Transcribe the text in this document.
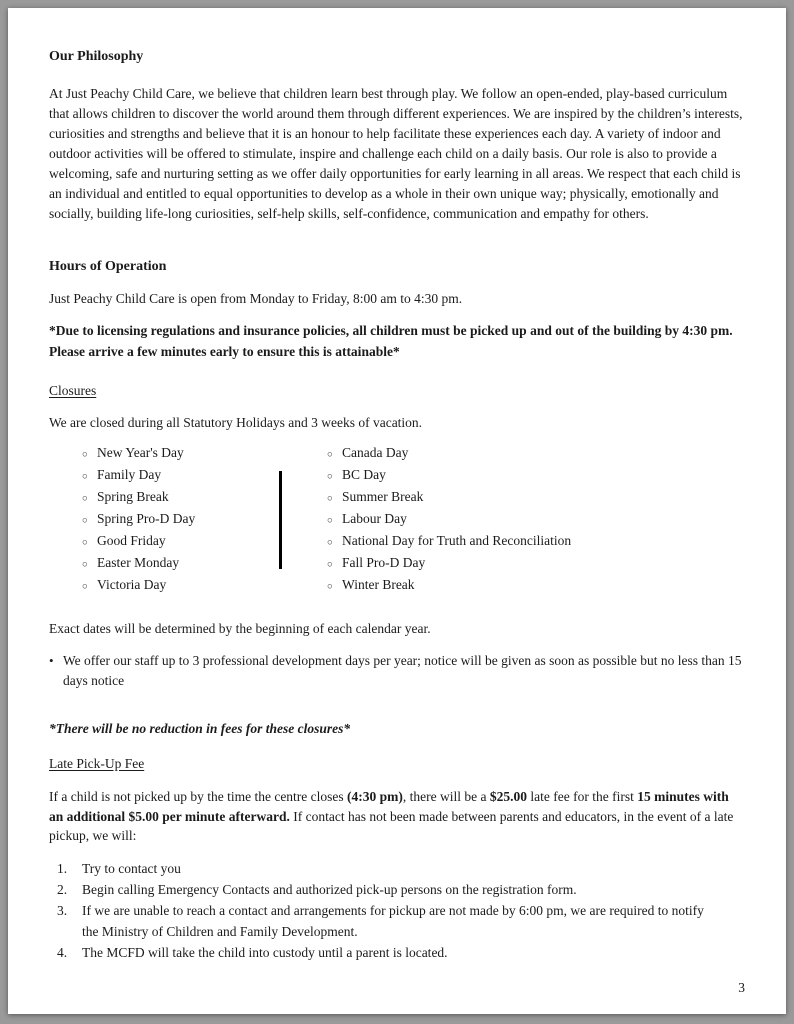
Our Philosophy

At Just Peachy Child Care, we believe that children learn best through play. We follow an open-ended, play-based curriculum that allows children to discover the world around them through different experiences. We are inspired by the children’s interests, curiosities and strengths and believe that it is an honour to help facilitate these experiences each day. A variety of indoor and outdoor activities will be offered to stimulate, inspire and challenge each child on a daily basis. Our role is also to provide a welcoming, safe and nurturing setting as we offer daily opportunities for early learning in all areas. We respect that each child is an individual and entitled to equal opportunities to develop as a whole in their own unique way; physically, emotionally and socially, building life-long curiosities, self-help skills, self-confidence, communication and empathy for others.

Hours of Operation

Just Peachy Child Care is open from Monday to Friday, 8:00 am to 4:30 pm.

*Due to licensing regulations and insurance policies, all children must be picked up and out of the building by 4:30 pm. Please arrive a few minutes early to ensure this is attainable*

Closures

We are closed during all Statutory Holidays and 3 weeks of vacation.

○ New Year's Day
○ Family Day
○ Spring Break
○ Spring Pro-D Day
○ Good Friday
○ Easter Monday
○ Victoria Day
○ Canada Day
○ BC Day
○ Summer Break
○ Labour Day
○ National Day for Truth and Reconciliation
○ Fall Pro-D Day
○ Winter Break

Exact dates will be determined by the beginning of each calendar year.

• We offer our staff up to 3 professional development days per year; notice will be given as soon as possible but no less than 15 days notice

*There will be no reduction in fees for these closures*

Late Pick-Up Fee

If a child is not picked up by the time the centre closes (4:30 pm), there will be a $25.00 late fee for the first 15 minutes with an additional $5.00 per minute afterward. If contact has not been made between parents and educators, in the event of a late pickup, we will:

1.	Try to contact you
2.	Begin calling Emergency Contacts and authorized pick-up persons on the registration form.
3.	If we are unable to reach a contact and arrangements for pickup are not made by 6:00 pm, we are required to notify the Ministry of Children and Family Development.
4.	The MCFD will take the child into custody until a parent is located.
3
